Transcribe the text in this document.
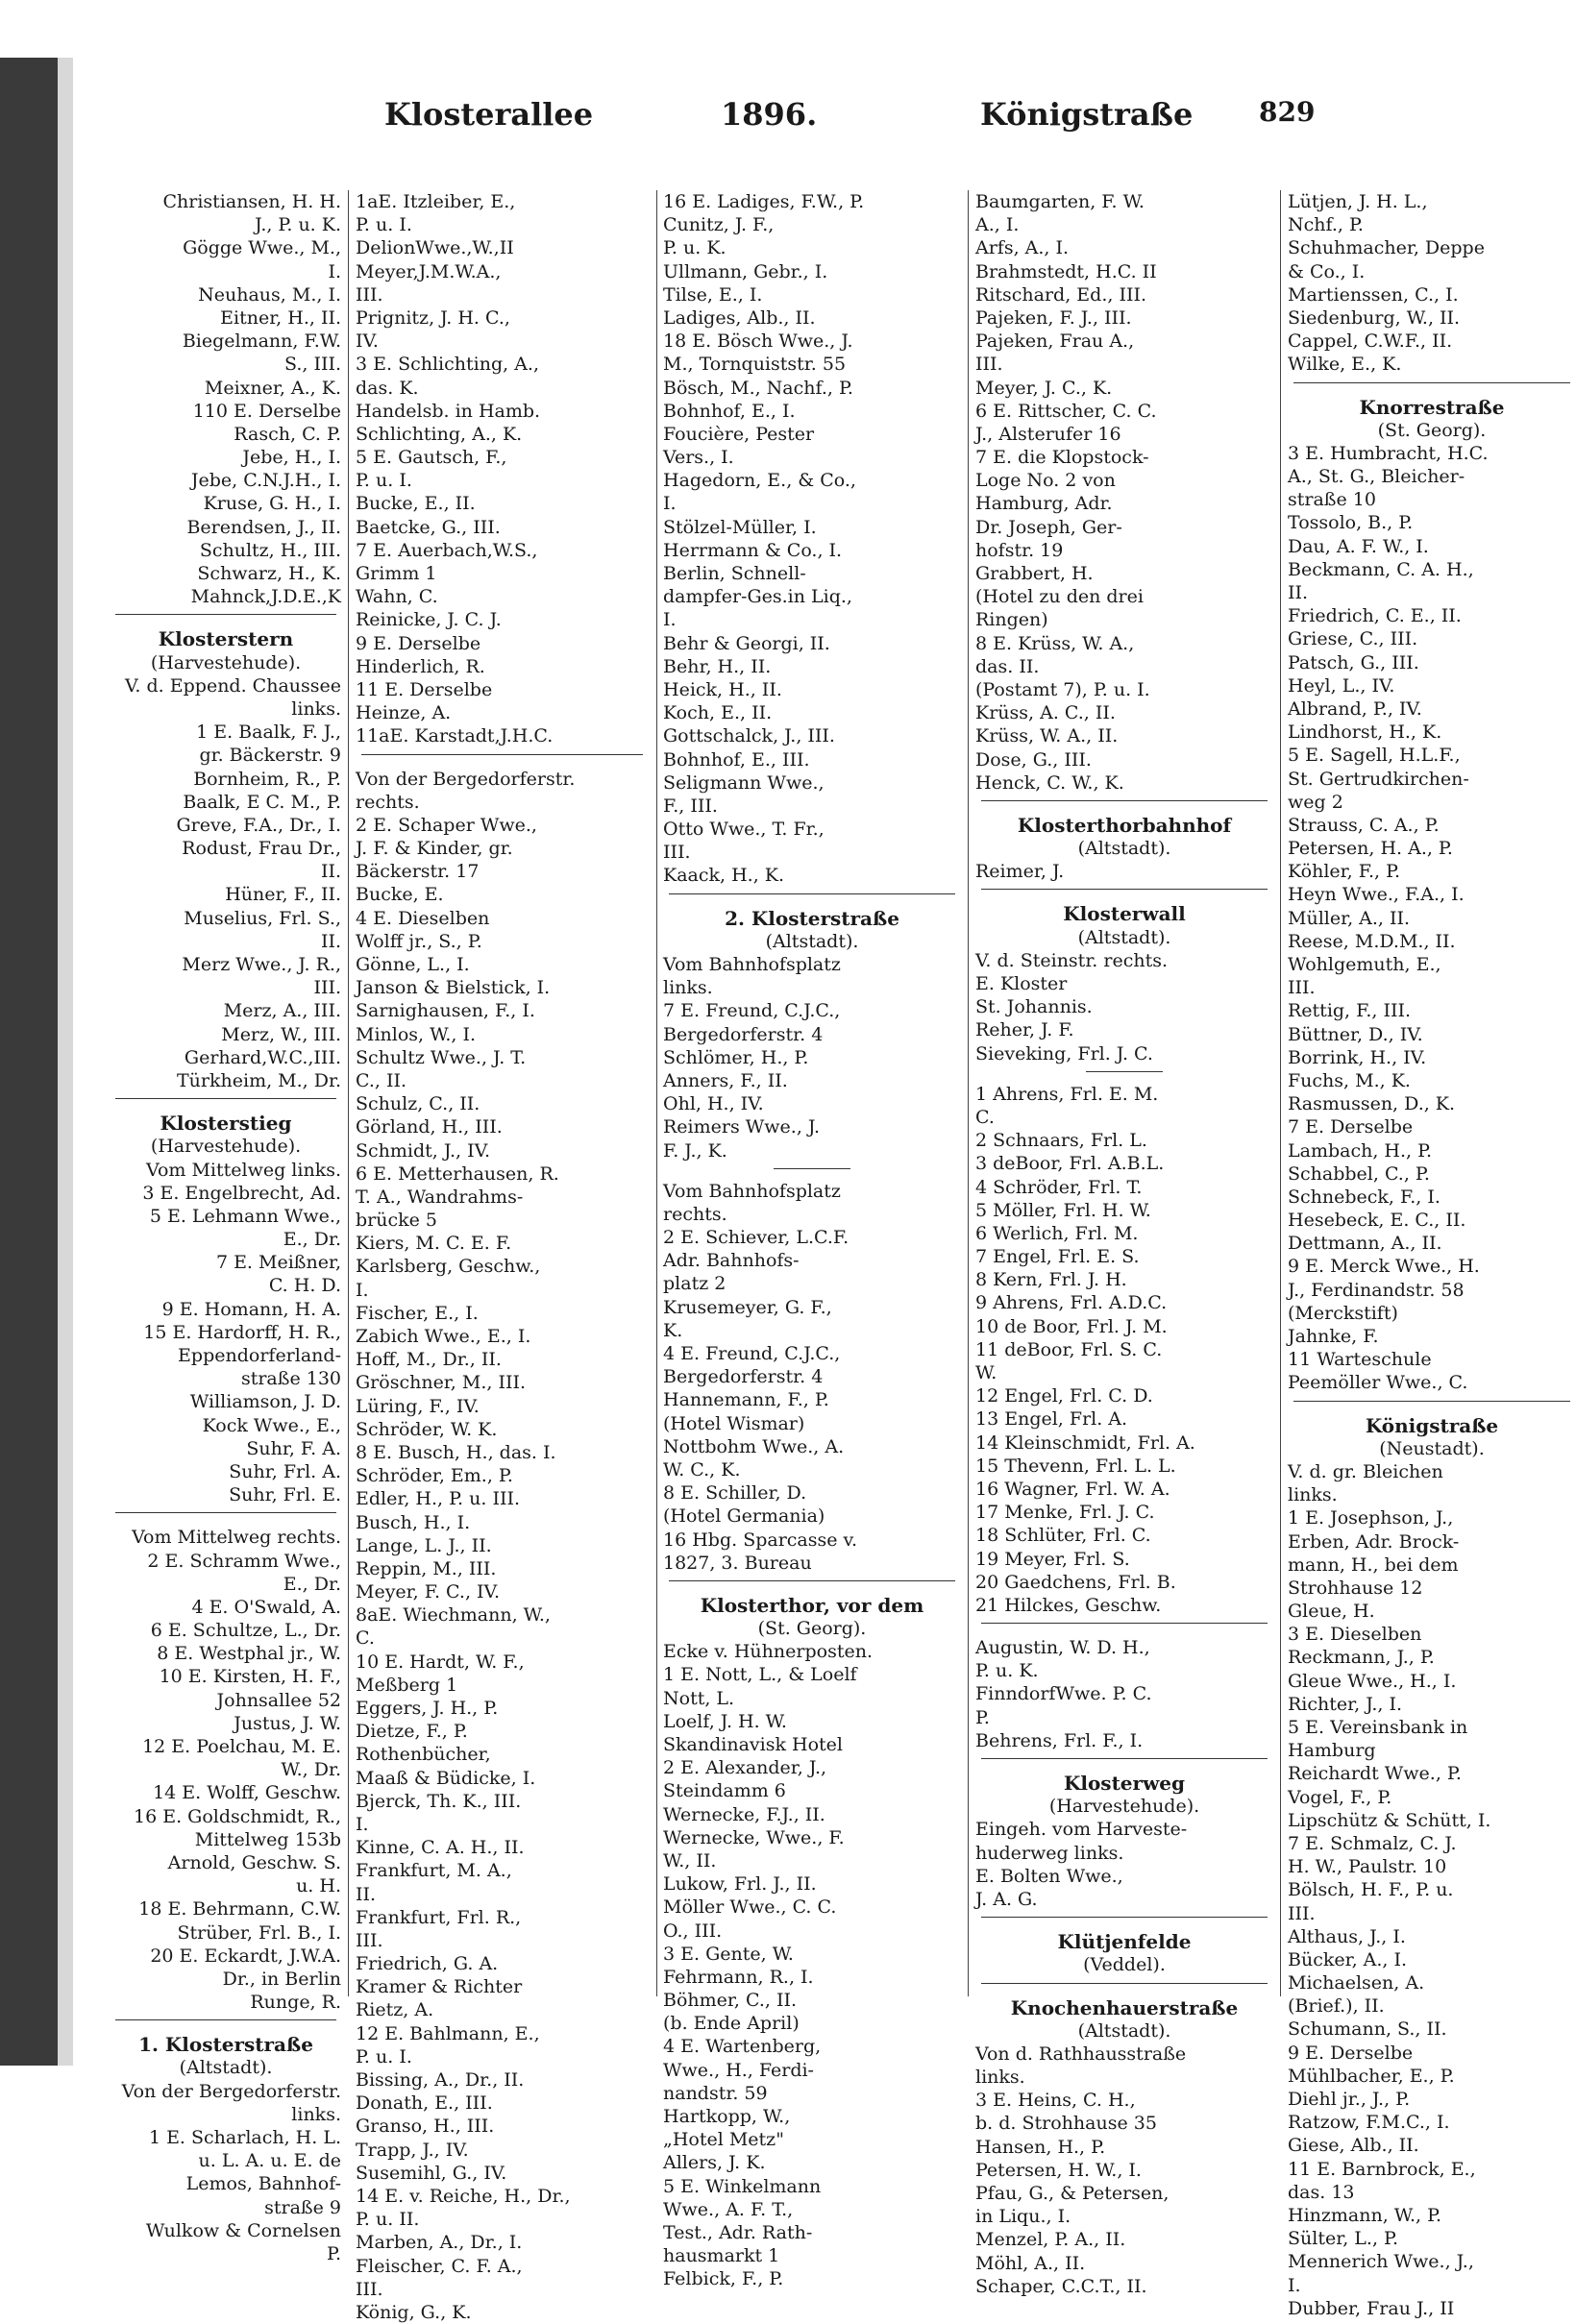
Klosterallee	1896.	Königstraße 829
Christiansen, H. H.
J., P. u. K.
Gögge Wwe., M.,
I.
Neuhaus, M., I.
Eitner, H., II.
Biegelmann, F.W.
S., III.
Meixner, A., K.
110 E. Derselbe
Rasch, C. P.
Jebe, H., I.
Jebe, C.N.J.H., I.
Kruse, G. H., I.
Berendsen, J., II.
Schultz, H., III.
Schwarz, H., K.
Mahnck,J.D.E.,K
Klosterstern
(Harvestehude).
V. d. Eppend. Chaussee
links.
1 E. Baalk, F. J.,
gr. Bäckerstr. 9
Bornheim, R., P.
Baalk, E C. M., P.
Greve, F.A., Dr., I.
Rodust, Frau Dr.,
II.
Hüner, F., II.
Muselius, Frl. S.,
II.
Merz Wwe., J. R.,
III.
Merz, A., III.
Merz, W., III.
Gerhard,W.C.,III.
Türkheim, M., Dr.
Klosterstieg
(Harvestehude).
Vom Mittelweg links.
3 E. Engelbrecht, Ad.
5 E. Lehmann Wwe.,
E., Dr.
7 E. Meißner,
C. H. D.
9 E. Homann, H. A.
15 E. Hardorff, H. R.,
Eppendorferland-
straße 130
Williamson, J. D.
Kock Wwe., E.,
Suhr, F. A.
Suhr, Frl. A.
Suhr, Frl. E.
Vom Mittelweg rechts.
2 E. Schramm Wwe.,
E., Dr.
4 E. O'Swald, A.
6 E. Schultze, L., Dr.
8 E. Westphal jr., W.
10 E. Kirsten, H. F.,
Johnsallee 52
Justus, J. W.
12 E. Poelchau, M. E.
W., Dr.
14 E. Wolff, Geschw.
16 E. Goldschmidt, R.,
Mittelweg 153b
Arnold, Geschw. S.
u. H.
18 E. Behrmann, C.W.
Strüber, Frl. B., I.
20 E. Eckardt, J.W.A.
Dr., in Berlin
Runge, R.
1. Klosterstraße
(Altstadt).
Von der Bergedorferstr.
links.
1 E. Scharlach, H. L.
u. L. A. u. E. de
Lemos, Bahnhof-
straße 9
Wulkow & Cornelsen
P.
1aE. Itzleiber, E.,
P. u. I.
DelionWwe.,W.,II
Meyer,J.M.W.A.,
III.
Prignitz, J. H. C.,
IV.
3 E. Schlichting, A.,
das. K.
Handelsb. in Hamb.
Schlichting, A., K.
5 E. Gautsch, F.,
P. u. I.
Bucke, E., II.
Baetcke, G., III.
7 E. Auerbach,W.S.,
Grimm 1
Wahn, C.
Reinicke, J. C. J.
9 E. Derselbe
Hinderlich, R.
11 E. Derselbe
Heinze, A.
11aE. Karstadt,J.H.C.
Von der Bergedorferstr.
rechts.
2 E. Schaper Wwe.,
J. F. & Kinder, gr.
Bäckerstr. 17
Bucke, E.
4 E. Dieselben
Wolff jr., S., P.
Gönne, L., I.
Janson & Bielstick, I.
Sarnighausen, F., I.
Minlos, W., I.
Schultz Wwe., J. T.
C., II.
Schulz, C., II.
Görland, H., III.
Schmidt, J., IV.
6 E. Metterhausen, R.
T. A., Wandrahms-
brücke 5
Kiers, M. C. E. F.
Karlsberg, Geschw.,
I.
Fischer, E., I.
Zabich Wwe., E., I.
Hoff, M., Dr., II.
Gröschner, M., III.
Lüring, F., IV.
Schröder, W. K.
8 E. Busch, H., das. I.
Schröder, Em., P.
Edler, H., P. u. III.
Busch, H., I.
Lange, L. J., II.
Reppin, M., III.
Meyer, F. C., IV.
8aE. Wiechmann, W.,
C.
10 E. Hardt, W. F.,
Meßberg 1
Eggers, J. H., P.
Dietze, F., P.
Rothenbücher,
Maaß & Büdicke, I.
Bjerck, Th. K., III.
I.
Kinne, C. A. H., II.
Frankfurt, M. A.,
II.
Frankfurt, Frl. R.,
III.
Friedrich, G. A.
Kramer & Richter
Rietz, A.
12 E. Bahlmann, E.,
P. u. I.
Bissing, A., Dr., II.
Donath, E., III.
Granso, H., III.
Trapp, J., IV.
Susemihl, G., IV.
14 E. v. Reiche, H., Dr.,
P. u. II.
Marben, A., Dr., I.
Fleischer, C. F. A.,
III.
König, G., K.
16 E. Ladiges, F.W., P.
Cunitz, J. F.,
P. u. K.
Ullmann, Gebr., I.
Tilse, E., I.
Ladiges, Alb., II.
18 E. Bösch Wwe., J.
M., Tornquiststr. 55
Bösch, M., Nachf., P.
Bohnhof, E., I.
Foucière, Pester
Vers., I.
Hagedorn, E., & Co.,
I.
Stölzel-Müller, I.
Herrmann & Co., I.
Berlin, Schnell-
dampfer-Ges.in Liq.,
I.
Behr & Georgi, II.
Behr, H., II.
Heick, H., II.
Koch, E., II.
Gottschalck, J., III.
Bohnhof, E., III.
Seligmann Wwe.,
F., III.
Otto Wwe., T. Fr.,
III.
Kaack, H., K.
2. Klosterstraße
(Altstadt).
Vom Bahnhofsplatz
links.
7 E. Freund, C.J.C.,
Bergedorferstr. 4
Schlömer, H., P.
Anners, F., II.
Ohl, H., IV.
Reimers Wwe., J.
F. J., K.
Vom Bahnhofsplatz
rechts.
2 E. Schiever, L.C.F.
Adr. Bahnhofs-
platz 2
Krusemeyer, G. F.,
K.
4 E. Freund, C.J.C.,
Bergedorferstr. 4
Hannemann, F., P.
(Hotel Wismar)
Nottbohm Wwe., A.
W. C., K.
8 E. Schiller, D.
(Hotel Germania)
16 Hbg. Sparcasse v.
1827, 3. Bureau
Klosterthor, vor dem
(St. Georg).
Ecke v. Hühnerposten.
1 E. Nott, L., & Loelf
Nott, L.
Loelf, J. H. W.
Skandinavisk Hotel
2 E. Alexander, J.,
Steindamm 6
Wernecke, F.J., II.
Wernecke, Wwe., F.
W., II.
Lukow, Frl. J., II.
Möller Wwe., C. C.
O., III.
3 E. Gente, W.
Fehrmann, R., I.
Böhmer, C., II.
(b. Ende April)
4 E. Wartenberg,
Wwe., H., Ferdi-
nandstr. 59
Hartkopp, W.,
„Hotel Metz"
Allers, J. K.
5 E. Winkelmann
Wwe., A. F. T.,
Test., Adr. Rath-
hausmarkt 1
Felbick, F., P.
Baumgarten, F. W.
A., I.
Arfs, A., I.
Brahmstedt, H.C. II
Ritschard, Ed., III.
Pajeken, F. J., III.
Pajeken, Frau A.,
III.
Meyer, J. C., K.
6 E. Rittscher, C. C.
J., Alsterufer 16
7 E. die Klopstock-
Loge No. 2 von
Hamburg, Adr.
Dr. Joseph, Ger-
hofstr. 19
Grabbert, H.
(Hotel zu den drei
Ringen)
8 E. Krüss, W. A.,
das. II.
(Postamt 7), P. u. I.
Krüss, A. C., II.
Krüss, W. A., II.
Dose, G., III.
Henck, C. W., K.
Klosterthorbahnhof
(Altstadt).
Reimer, J.
Klosterwall
(Altstadt).
V. d. Steinstr. rechts.
E. Kloster
St. Johannis.
Reher, J. F.
Sieveking, Frl. J. C.
1 Ahrens, Frl. E. M.
C.
2 Schnaars, Frl. L.
3 deBoor, Frl. A.B.L.
4 Schröder, Frl. T.
5 Möller, Frl. H. W.
6 Werlich, Frl. M.
7 Engel, Frl. E. S.
8 Kern, Frl. J. H.
9 Ahrens, Frl. A.D.C.
10 de Boor, Frl. J. M.
11 deBoor, Frl. S. C.
W.
12 Engel, Frl. C. D.
13 Engel, Frl. A.
14 Kleinschmidt, Frl. A.
15 Thevenn, Frl. L. L.
16 Wagner, Frl. W. A.
17 Menke, Frl. J. C.
18 Schlüter, Frl. C.
19 Meyer, Frl. S.
20 Gaedchens, Frl. B.
21 Hilckes, Geschw.
Augustin, W. D. H.,
P. u. K.
FinndorfWwe. P. C.
P.
Behrens, Frl. F., I.
Klosterweg
(Harvestehude).
Eingeh. vom Harveste-
huderweg links.
E. Bolten Wwe.,
J. A. G.
Klütjenfelde
(Veddel).
Knochenhauerstraße
(Altstadt).
Von d. Rathhausstraße
links.
3 E. Heins, C. H.,
b. d. Strohhause 35
Hansen, H., P.
Petersen, H. W., I.
Pfau, G., & Petersen,
in Liqu., I.
Menzel, P. A., II.
Möhl, A., II.
Schaper, C.C.T., II.
Lütjen, J. H. L.,
Nchf., P.
Schuhmacher, Deppe
& Co., I.
Martienssen, C., I.
Siedenburg, W., II.
Cappel, C.W.F., II.
Wilke, E., K.
Knorrestraße
(St. Georg).
3 E. Humbracht, H.C.
A., St. G., Bleicher-
straße 10
Tossolo, B., P.
Dau, A. F. W., I.
Beckmann, C. A. H.,
II.
Friedrich, C. E., II.
Griese, C., III.
Patsch, G., III.
Heyl, L., IV.
Albrand, P., IV.
Lindhorst, H., K.
5 E. Sagell, H.L.F.,
St. Gertrudkirchen-
weg 2
Strauss, C. A., P.
Petersen, H. A., P.
Köhler, F., P.
Heyn Wwe., F.A., I.
Müller, A., II.
Reese, M.D.M., II.
Wohlgemuth, E.,
III.
Rettig, F., III.
Büttner, D., IV.
Borrink, H., IV.
Fuchs, M., K.
Rasmussen, D., K.
7 E. Derselbe
Lambach, H., P.
Schabbel, C., P.
Schnebeck, F., I.
Hesebeck, E. C., II.
Dettmann, A., II.
9 E. Merck Wwe., H.
J., Ferdinandstr. 58
(Merckstift)
Jahnke, F.
11 Warteschule
Peemöller Wwe., C.
Königstraße
(Neustadt).
V. d. gr. Bleichen
links.
1 E. Josephson, J.,
Erben, Adr. Brock-
mann, H., bei dem
Strohhause 12
Gleue, H.
3 E. Dieselben
Reckmann, J., P.
Gleue Wwe., H., I.
Richter, J., I.
5 E. Vereinsbank in
Hamburg
Reichardt Wwe., P.
Vogel, F., P.
Lipschütz & Schütt, I.
7 E. Schmalz, C. J.
H. W., Paulstr. 10
Bölsch, H. F., P. u.
III.
Althaus, J., I.
Bücker, A., I.
Michaelsen, A.
(Brief.), II.
Schumann, S., II.
9 E. Derselbe
Mühlbacher, E., P.
Diehl jr., J., P.
Ratzow, F.M.C., I.
Giese, Alb., II.
11 E. Barnbrock, E.,
das. 13
Hinzmann, W., P.
Sülter, L., P.
Mennerich Wwe., J.,
I.
Dubber, Frau J., II
